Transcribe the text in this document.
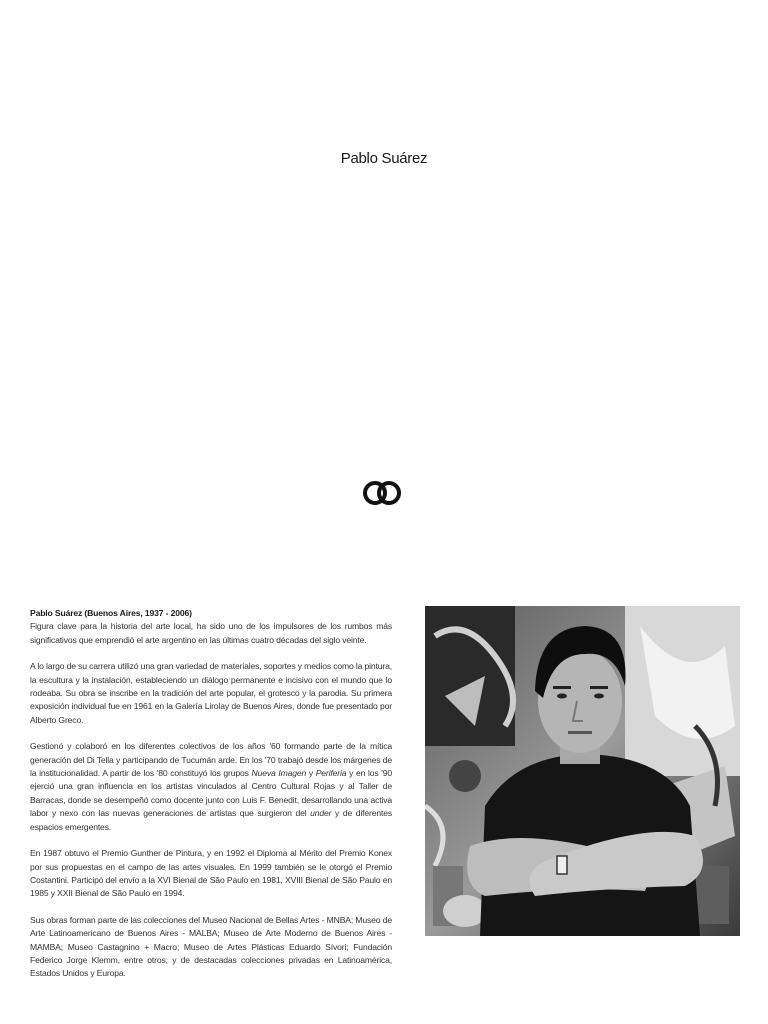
Pablo Suárez

Pablo Suárez (Buenos Aires, 1937 - 2006)
Figura clave para la historia del arte local, ha sido uno de los impulsores de los rumbos más significativos que emprendió el arte argentino en las últimas cuatro décadas del siglo veinte.

A lo largo de su carrera utilizó una gran variedad de materiales, soportes y medios como la pintura, la escultura y la instalación, estableciendo un diálogo permanente e incisivo con el mundo que lo rodeaba. Su obra se inscribe en la tradición del arte popular, el grotesco y la parodia. Su primera exposición individual fue en 1961 en la Galería Lirolay de Buenos Aires, donde fue presentado por Alberto Greco.

Gestionó y colaboró en los diferentes colectivos de los años '60 formando parte de la mítica generación del Di Tella y participando de Tucumán arde. En los '70 trabajó desde los márgenes de la institucionalidad. A partir de los '80 constituyó los grupos Nueva Imagen y Periferia y en los '90 ejerció una gran influencia en los artistas vinculados al Centro Cultural Rojas y al Taller de Barracas, donde se desempeñó como docente junto con Luis F. Benedit, desarrollando una activa labor y nexo con las nuevas generaciones de artistas que surgieron del under y de diferentes espacios emergentes.

En 1987 obtuvo el Premio Gunther de Pintura, y en 1992 el Diploma al Mérito del Premio Konex por sus propuestas en el campo de las artes visuales. En 1999 también se le otorgó el Premio Costantini. Participó del envío a la XVI Bienal de São Paulo en 1981, XVIII Bienal de São Paulo en 1985 y XXII Bienal de São Paulo en 1994.

Sus obras forman parte de las colecciones del Museo Nacional de Bellas Artes - MNBA; Museo de Arte Latinoamericano de Buenos Aires - MALBA; Museo de Arte Moderno de Buenos Aires - MAMBA; Museo Castagnino + Macro; Museo de Artes Plásticas Eduardo Sívori; Fundación Federico Jorge Klemm, entre otros; y de destacadas colecciones privadas en Latinoamérica, Estados Unidos y Europa.
